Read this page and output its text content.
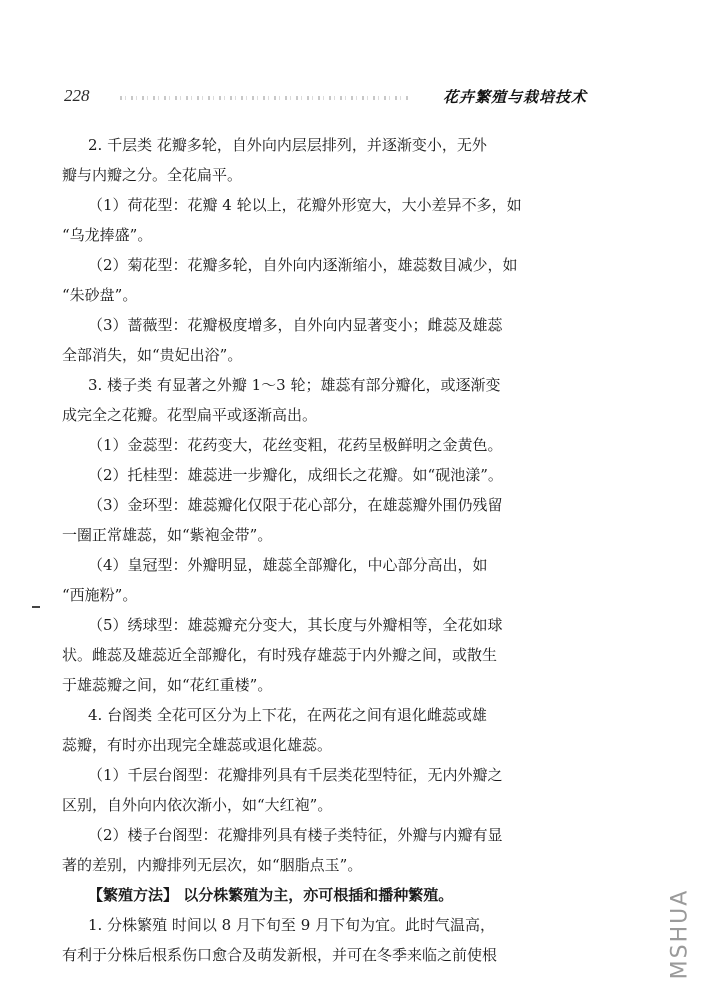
228	花卉繁殖与栽培技术
2. 千层类 花瓣多轮，自外向内层层排列，并逐渐变小，无外
瓣与内瓣之分。全花扁平。
（1）荷花型：花瓣 4 轮以上，花瓣外形宽大，大小差异不多，如
“乌龙捧盛”。
（2）菊花型：花瓣多轮，自外向内逐渐缩小，雄蕊数目减少，如
“朱砂盘”。
（3）蔷薇型：花瓣极度增多，自外向内显著变小；雌蕊及雄蕊
全部消失，如“贵妃出浴”。
3. 楼子类 有显著之外瓣 1～3 轮；雄蕊有部分瓣化，或逐渐变
成完全之花瓣。花型扁平或逐渐高出。
（1）金蕊型：花药变大，花丝变粗，花药呈极鲜明之金黄色。
（2）托桂型：雄蕊进一步瓣化，成细长之花瓣。如“砚池漾”。
（3）金环型：雄蕊瓣化仅限于花心部分，在雄蕊瓣外围仍残留
一圈正常雄蕊，如“紫袍金带”。
（4）皇冠型：外瓣明显，雄蕊全部瓣化，中心部分高出，如
“西施粉”。
（5）绣球型：雄蕊瓣充分变大，其长度与外瓣相等，全花如球
状。雌蕊及雄蕊近全部瓣化，有时残存雄蕊于内外瓣之间，或散生
于雄蕊瓣之间，如“花红重楼”。
4. 台阁类 全花可区分为上下花，在两花之间有退化雌蕊或雄
蕊瓣，有时亦出现完全雄蕊或退化雄蕊。
（1）千层台阁型：花瓣排列具有千层类花型特征，无内外瓣之
区别，自外向内依次渐小，如“大红袍”。
（2）楼子台阁型：花瓣排列具有楼子类特征，外瓣与内瓣有显
著的差别，内瓣排列无层次，如“胭脂点玉”。
【繁殖方法】 以分株繁殖为主，亦可根插和播种繁殖。
1. 分株繁殖 时间以 8 月下旬至 9 月下旬为宜。此时气温高，
有利于分株后根系伤口愈合及萌发新根，并可在冬季来临之前使根	MSHUA
